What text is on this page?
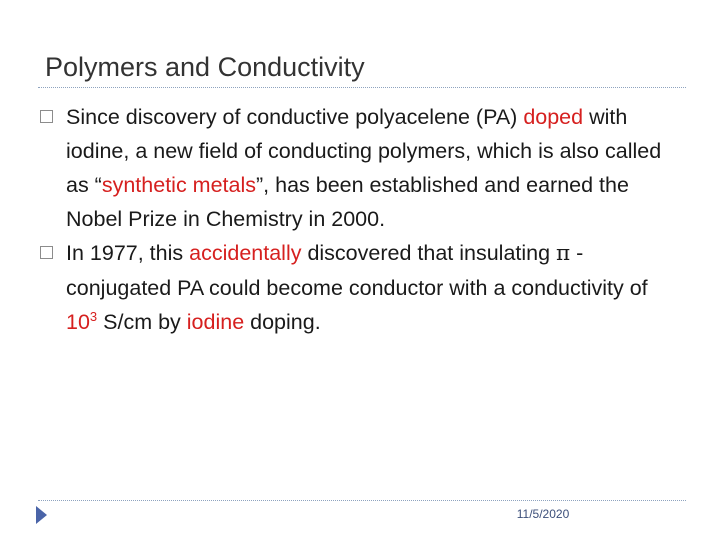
Polymers and Conductivity

Since discovery of conductive polyacelene (PA) doped with iodine, a new field of conducting polymers, which is also called as “synthetic metals”, has been established and earned the Nobel Prize in Chemistry in 2000.

In 1977, this accidentally discovered that insulating π -conjugated PA could become conductor with a conductivity of $10^3$ S/cm by iodine doping.

11/5/2020
